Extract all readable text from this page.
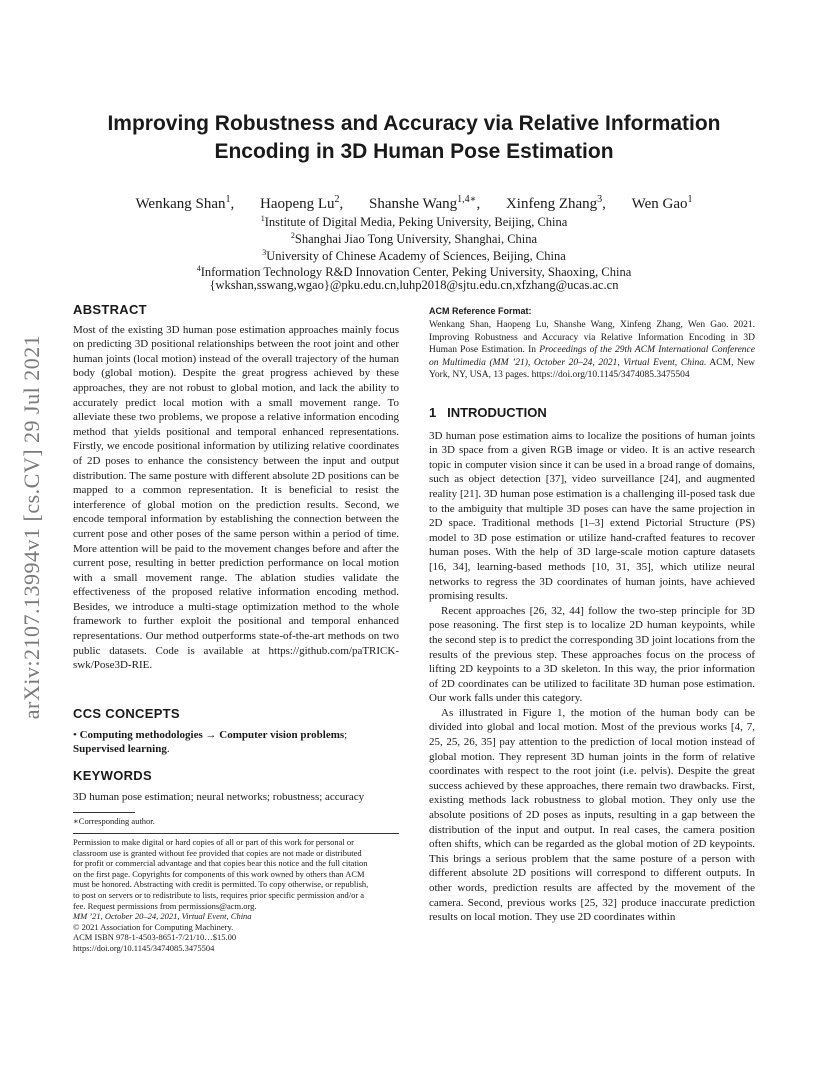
arXiv:2107.13994v1 [cs.CV] 29 Jul 2021
Improving Robustness and Accuracy via Relative Information
Encoding in 3D Human Pose Estimation
Wenkang Shan$^1$, Haopeng Lu$^2$, Shanshe Wang$^{1,4∗}$, Xinfeng Zhang$^3$, Wen Gao$^1$
$^1$Institute of Digital Media, Peking University, Beijing, China
$^2$Shanghai Jiao Tong University, Shanghai, China
$^3$University of Chinese Academy of Sciences, Beijing, China
$^4$Information Technology R&D Innovation Center, Peking University, Shaoxing, China
{wkshan,sswang,wgao}@pku.edu.cn,luhp2018@sjtu.edu.cn,xfzhang@ucas.ac.cn
ABSTRACT

Most of the existing 3D human pose estimation approaches mainly focus on predicting 3D positional relationships between the root joint and other human joints (local motion) instead of the overall trajectory of the human body (global motion). Despite the great progress achieved by these approaches, they are not robust to global motion, and lack the ability to accurately predict local motion with a small movement range. To alleviate these two problems, we propose a relative information encoding method that yields positional and temporal enhanced representations. Firstly, we encode positional information by utilizing relative coordinates of 2D poses to enhance the consistency between the input and output distribution. The same posture with different absolute 2D positions can be mapped to a common representation. It is beneficial to resist the interference of global motion on the prediction results. Second, we encode temporal information by establishing the connection between the current pose and other poses of the same person within a period of time. More attention will be paid to the movement changes before and after the current pose, resulting in better prediction performance on local motion with a small movement range. The ablation studies validate the effectiveness of the proposed relative information encoding method. Besides, we introduce a multi-stage optimization method to the whole framework to further exploit the positional and temporal enhanced representations. Our method outperforms state-of-the-art methods on two public datasets. Code is available at https://github.com/paTRICK-swk/Pose3D-RIE.

CCS CONCEPTS

• Computing methodologies → Computer vision problems; Supervised learning.

KEYWORDS

3D human pose estimation; neural networks; robustness; accuracy

∗Corresponding author.
Permission to make digital or hard copies of all or part of this work for personal or
classroom use is granted without fee provided that copies are not made or distributed
for profit or commercial advantage and that copies bear this notice and the full citation
on the first page. Copyrights for components of this work owned by others than ACM
must be honored. Abstracting with credit is permitted. To copy otherwise, or republish,
to post on servers or to redistribute to lists, requires prior specific permission and/or a
fee. Request permissions from permissions@acm.org.
MM ’21, October 20–24, 2021, Virtual Event, China
© 2021 Association for Computing Machinery.
ACM ISBN 978-1-4503-8651-7/21/10…$15.00
https://doi.org/10.1145/3474085.3475504
ACM Reference Format:
Wenkang Shan, Haopeng Lu, Shanshe Wang, Xinfeng Zhang, Wen Gao. 2021. Improving Robustness and Accuracy via Relative Information Encoding in 3D Human Pose Estimation. In Proceedings of the 29th ACM International Conference on Multimedia (MM ’21), October 20–24, 2021, Virtual Event, China. ACM, New York, NY, USA, 13 pages. https://doi.org/10.1145/3474085.3475504
1 INTRODUCTION

3D human pose estimation aims to localize the positions of human joints in 3D space from a given RGB image or video. It is an active research topic in computer vision since it can be used in a broad range of domains, such as object detection [37], video surveillance [24], and augmented reality [21]. 3D human pose estimation is a challenging ill-posed task due to the ambiguity that multiple 3D poses can have the same projection in 2D space. Traditional methods [1–3] extend Pictorial Structure (PS) model to 3D pose estimation or utilize hand-crafted features to recover human poses. With the help of 3D large-scale motion capture datasets [16, 34], learning-based methods [10, 31, 35], which utilize neural networks to regress the 3D coordinates of human joints, have achieved promising results.

Recent approaches [26, 32, 44] follow the two-step principle for 3D pose reasoning. The first step is to localize 2D human keypoints, while the second step is to predict the corresponding 3D joint locations from the results of the previous step. These approaches focus on the process of lifting 2D keypoints to a 3D skeleton. In this way, the prior information of 2D coordinates can be utilized to facilitate 3D human pose estimation. Our work falls under this category.

As illustrated in Figure 1, the motion of the human body can be divided into global and local motion. Most of the previous works [4, 7, 25, 25, 26, 35] pay attention to the prediction of local motion instead of global motion. They represent 3D human joints in the form of relative coordinates with respect to the root joint (i.e. pelvis). Despite the great success achieved by these approaches, there remain two drawbacks. First, existing methods lack robustness to global motion. They only use the absolute positions of 2D poses as inputs, resulting in a gap between the distribution of the input and output. In real cases, the camera position often shifts, which can be regarded as the global motion of 2D keypoints. This brings a serious problem that the same posture of a person with different absolute 2D positions will correspond to different outputs. In other words, prediction results are affected by the movement of the camera. Second, previous works [25, 32] produce inaccurate prediction results on local motion. They use 2D coordinates within
